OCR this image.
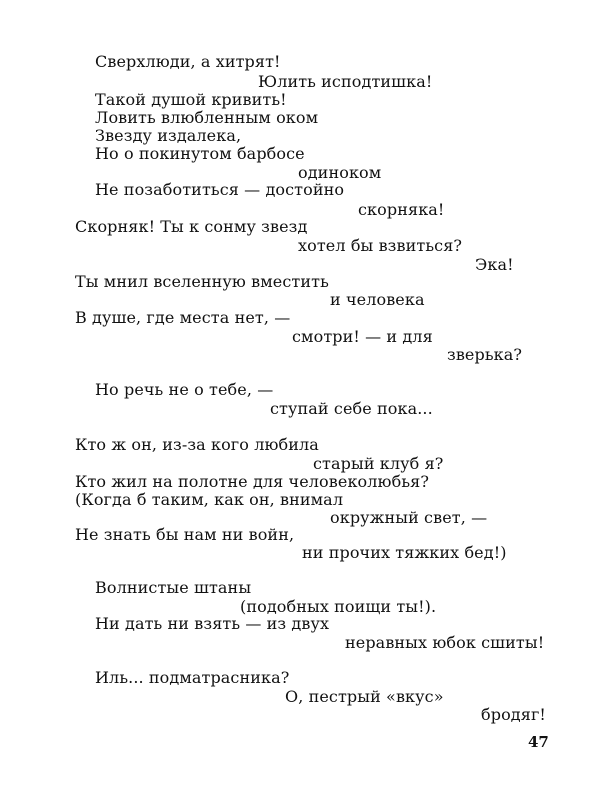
Сверхлюди, а хитрят!
Юлить исподтишка!
Такой душой кривить!
Ловить влюбленным оком
Звезду издалека,
Но о покинутом барбосе
одиноком
Не позаботиться — достойно
скорняка!
Скорняк! Ты к сонму звезд
хотел бы взвиться?
Эка!
Ты мнил вселенную вместить
и человека
В душе, где места нет, —
смотри! — и для
зверька?
Но речь не о тебе, —
ступай себе пока...
Кто ж он, из-за кого любила
старый клуб я?
Кто жил на полотне для человеколюбья?
(Когда б таким, как он, внимал
окружный свет, —
Не знать бы нам ни войн,
ни прочих тяжких бед!)
Волнистые штаны
(подобных поищи ты!).
Ни дать ни взять — из двух
неравных юбок сшиты!
Иль... подматрасника?
О, пестрый «вкус»
бродяг!
47
